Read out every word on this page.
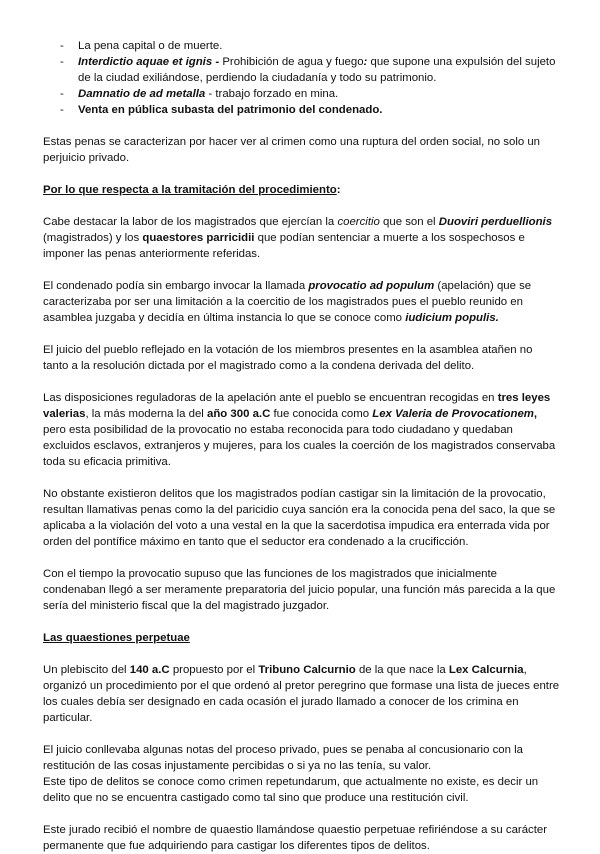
- La pena capital o de muerte.
- Interdictio aquae et ignis - Prohibición de agua y fuego: que supone una expulsión del sujeto de la ciudad exiliándose, perdiendo la ciudadanía y todo su patrimonio.
- Damnatio de ad metalla - trabajo forzado en mina.
- Venta en pública subasta del patrimonio del condenado.

Estas penas se caracterizan por hacer ver al crimen como una ruptura del orden social, no solo un perjuicio privado.

Por lo que respecta a la tramitación del procedimiento:

Cabe destacar la labor de los magistrados que ejercían la coercitio que son el Duoviri perduellionis (magistrados) y los quaestores parricidii que podían sentenciar a muerte a los sospechosos e imponer las penas anteriormente referidas.

El condenado podía sin embargo invocar la llamada provocatio ad populum (apelación) que se caracterizaba por ser una limitación a la coercitio de los magistrados pues el pueblo reunido en asamblea juzgaba y decidía en última instancia lo que se conoce como iudicium populis.

El juicio del pueblo reflejado en la votación de los miembros presentes en la asamblea atañen no tanto a la resolución dictada por el magistrado como a la condena derivada del delito.

Las disposiciones reguladoras de la apelación ante el pueblo se encuentran recogidas en tres leyes valerias, la más moderna la del año 300 a.C fue conocida como Lex Valeria de Provocationem, pero esta posibilidad de la provocatio no estaba reconocida para todo ciudadano y quedaban excluidos esclavos, extranjeros y mujeres, para los cuales la coerción de los magistrados conservaba toda su eficacia primitiva.

No obstante existieron delitos que los magistrados podían castigar sin la limitación de la provocatio, resultan llamativas penas como la del paricidio cuya sanción era la conocida pena del saco, la que se aplicaba a la violación del voto a una vestal en la que la sacerdotisa impudica era enterrada vida por orden del pontífice máximo en tanto que el seductor era condenado a la crucificción.

Con el tiempo la provocatio supuso que las funciones de los magistrados que inicialmente condenaban llegó a ser meramente preparatoria del juicio popular, una función más parecida a la que sería del ministerio fiscal que la del magistrado juzgador.

Las quaestiones perpetuae

Un plebiscito del 140 a.C propuesto por el Tribuno Calcurnio de la que nace la Lex Calcurnia, organizó un procedimiento por el que ordenó al pretor peregrino que formase una lista de jueces entre los cuales debía ser designado en cada ocasión el jurado llamado a conocer de los crimina en particular.

El juicio conllevaba algunas notas del proceso privado, pues se penaba al concusionario con la restitución de las cosas injustamente percibidas o si ya no las tenía, su valor.

Este tipo de delitos se conoce como crimen repetundarum, que actualmente no existe, es decir un delito que no se encuentra castigado como tal sino que produce una restitución civil.

Este jurado recibió el nombre de quaestio llamándose quaestio perpetuae refiriéndose a su carácter permanente que fue adquiriendo para castigar los diferentes tipos de delitos.
